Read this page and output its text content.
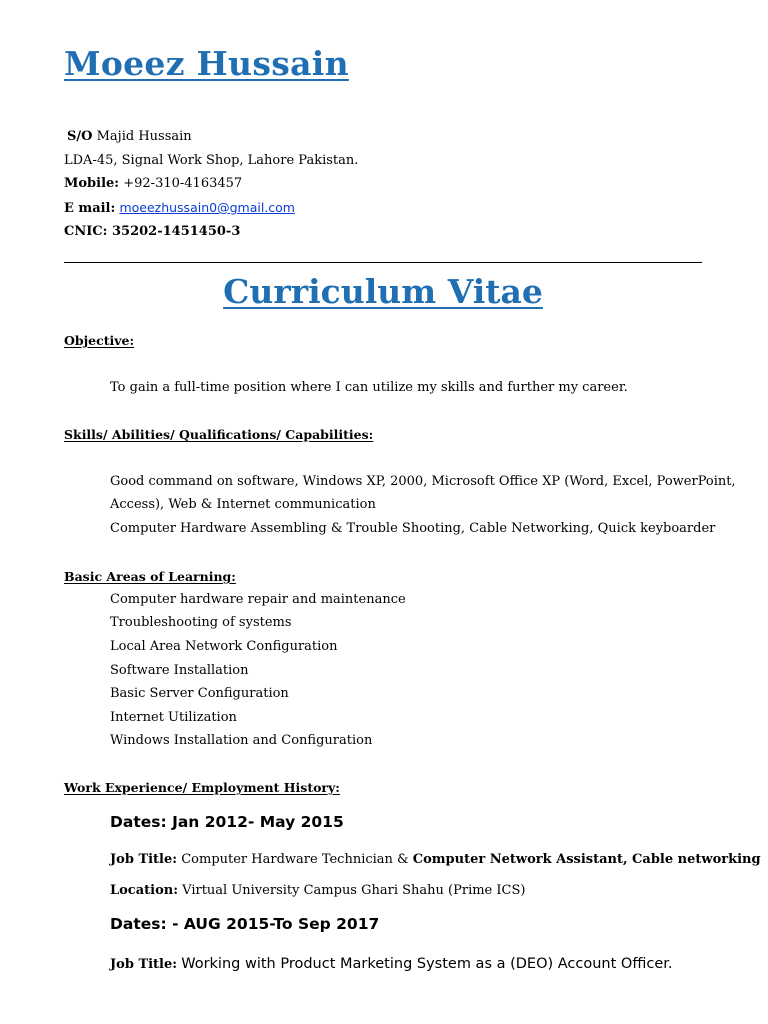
Moeez Hussain
S/O Majid Hussain
LDA-45, Signal Work Shop, Lahore Pakistan.
Mobile: +92-310-4163457
E mail: moeezhussain0@gmail.com
CNIC: 35202-1451450-3
Curriculum Vitae
Objective:
To gain a full-time position where I can utilize my skills and further my career.
Skills/ Abilities/ Qualifications/ Capabilities:
Good command on software, Windows XP, 2000, Microsoft Office XP (Word, Excel, PowerPoint,
Access), Web & Internet communication
Computer Hardware Assembling & Trouble Shooting, Cable Networking, Quick keyboarder
Basic Areas of Learning:
Computer hardware repair and maintenance
Troubleshooting of systems
Local Area Network Configuration
Software Installation
Basic Server Configuration
Internet Utilization
Windows Installation and Configuration
Work Experience/ Employment History:
Dates: Jan 2012- May 2015
Job Title: Computer Hardware Technician & Computer Network Assistant, Cable networking
Location: Virtual University Campus Ghari Shahu (Prime ICS)
Dates: - AUG 2015-To Sep 2017
Job Title: Working with Product Marketing System as a (DEO) Account Officer.
